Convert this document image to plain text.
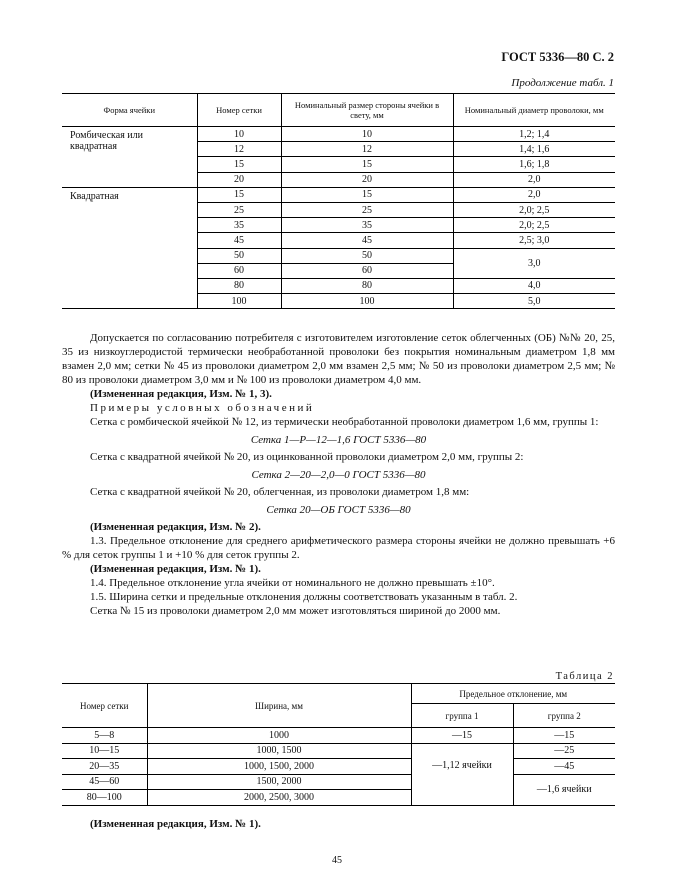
ГОСТ 5336—80 С. 2
Продолжение табл. 1
Форма ячейки	Номер сетки	Номинальный размер стороны ячейки в свету, мм	Номинальный диаметр проволоки, мм

Ромбическая или квадратная	10	10	1,2; 1,4
	12	12	1,4; 1,6
	15	15	1,6; 1,8
	20	20	2,0

Квадратная	15	15	2,0
	25	25	2,0; 2,5
	35	35	2,0; 2,5
	45	45	2,5; 3,0
	50	50	3,0
	60	60	
	80	80	4,0
	100	100	5,0

Допускается по согласованию потребителя с изготовителем изготовление сеток облегченных (ОБ) №№ 20, 25, 35 из низкоуглеродистой термически необработанной проволоки без покрытия номинальным диаметром 1,8 мм взамен 2,0 мм; сетки № 45 из проволоки диаметром 2,0 мм взамен 2,5 мм; № 50 из проволоки диаметром 2,5 мм; № 80 из проволоки диаметром 3,0 мм и № 100 из проволоки диаметром 4,0 мм.

(Измененная редакция, Изм. № 1, 3).

Примеры условных обозначений

Сетка с ромбической ячейкой № 12, из термически необработанной проволоки диаметром 1,6 мм, группы 1:

Сетка 1—Р—12—1,6 ГОСТ 5336—80

Сетка с квадратной ячейкой № 20, из оцинкованной проволоки диаметром 2,0 мм, группы 2:

Сетка 2—20—2,0—0 ГОСТ 5336—80

Сетка с квадратной ячейкой № 20, облегченная, из проволоки диаметром 1,8 мм:

Сетка 20—ОБ ГОСТ 5336—80

(Измененная редакция, Изм. № 2).

1.3. Предельное отклонение для среднего арифметического размера стороны ячейки не должно превышать +6 % для сеток группы 1 и +10 % для сеток группы 2.

(Измененная редакция, Изм. № 1).

1.4. Предельное отклонение угла ячейки от номинального не должно превышать ±10°.

1.5. Ширина сетки и предельные отклонения должны соответствовать указанным в табл. 2.

Сетка № 15 из проволоки диаметром 2,0 мм может изготовляться шириной до 2000 мм.

Таблица 2
Номер сетки	Ширина, мм	Предельное отклонение, мм	
		группа 1	группа 2
5—8	1000	—15	—15
10—15	1000, 1500	—1,12 ячейки	—25
20—35	1000, 1500, 2000		—45
45—60	1500, 2000		—1,6 ячейки
80—100	2000, 2500, 3000		
(Измененная редакция, Изм. № 1).
45
